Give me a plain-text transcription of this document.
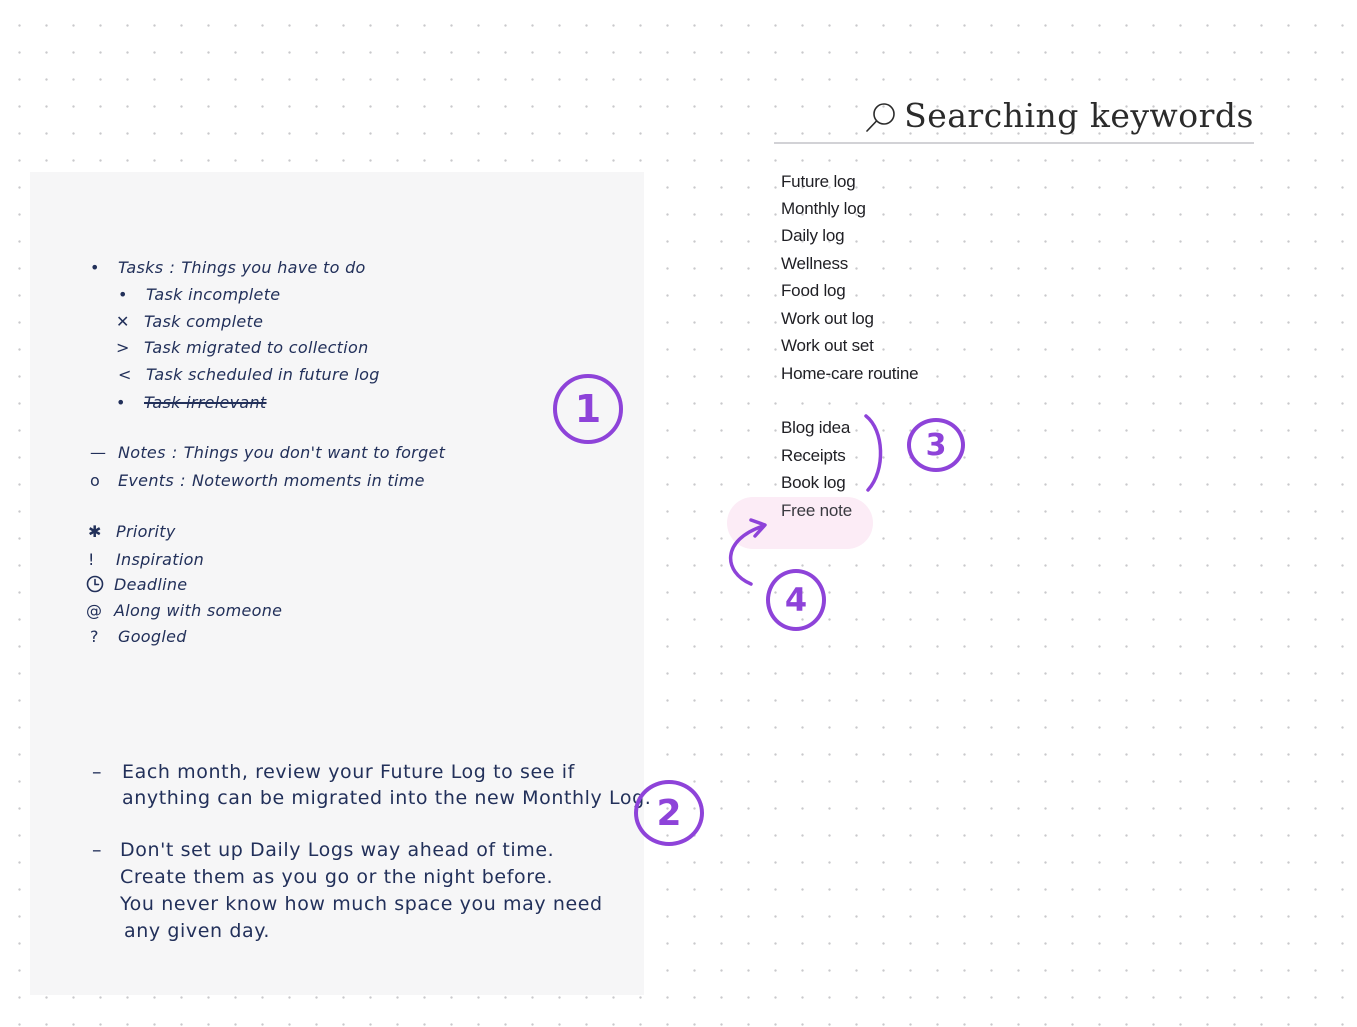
• Tasks : Things you have to do
• Task incomplete
✕ Task complete
> Task migrated to collection
< Task scheduled in future log
• Task irrelevant
— Notes : Things you don't want to forget
o Events : Noteworth moments in time
✱ Priority
! Inspiration
Deadline
@ Along with someone
? Googled
– Each month, review your Future Log to see if
anything can be migrated into the new Monthly Log.
– Don't set up Daily Logs way ahead of time.
Create them as you go or the night before.
You never know how much space you may need
any given day.
1
2
Searching keywords
Future log
Monthly log
Daily log
Wellness
Food log
Work out log
Work out set
Home-care routine
Blog idea
Receipts
Book log
Free note
3
4
